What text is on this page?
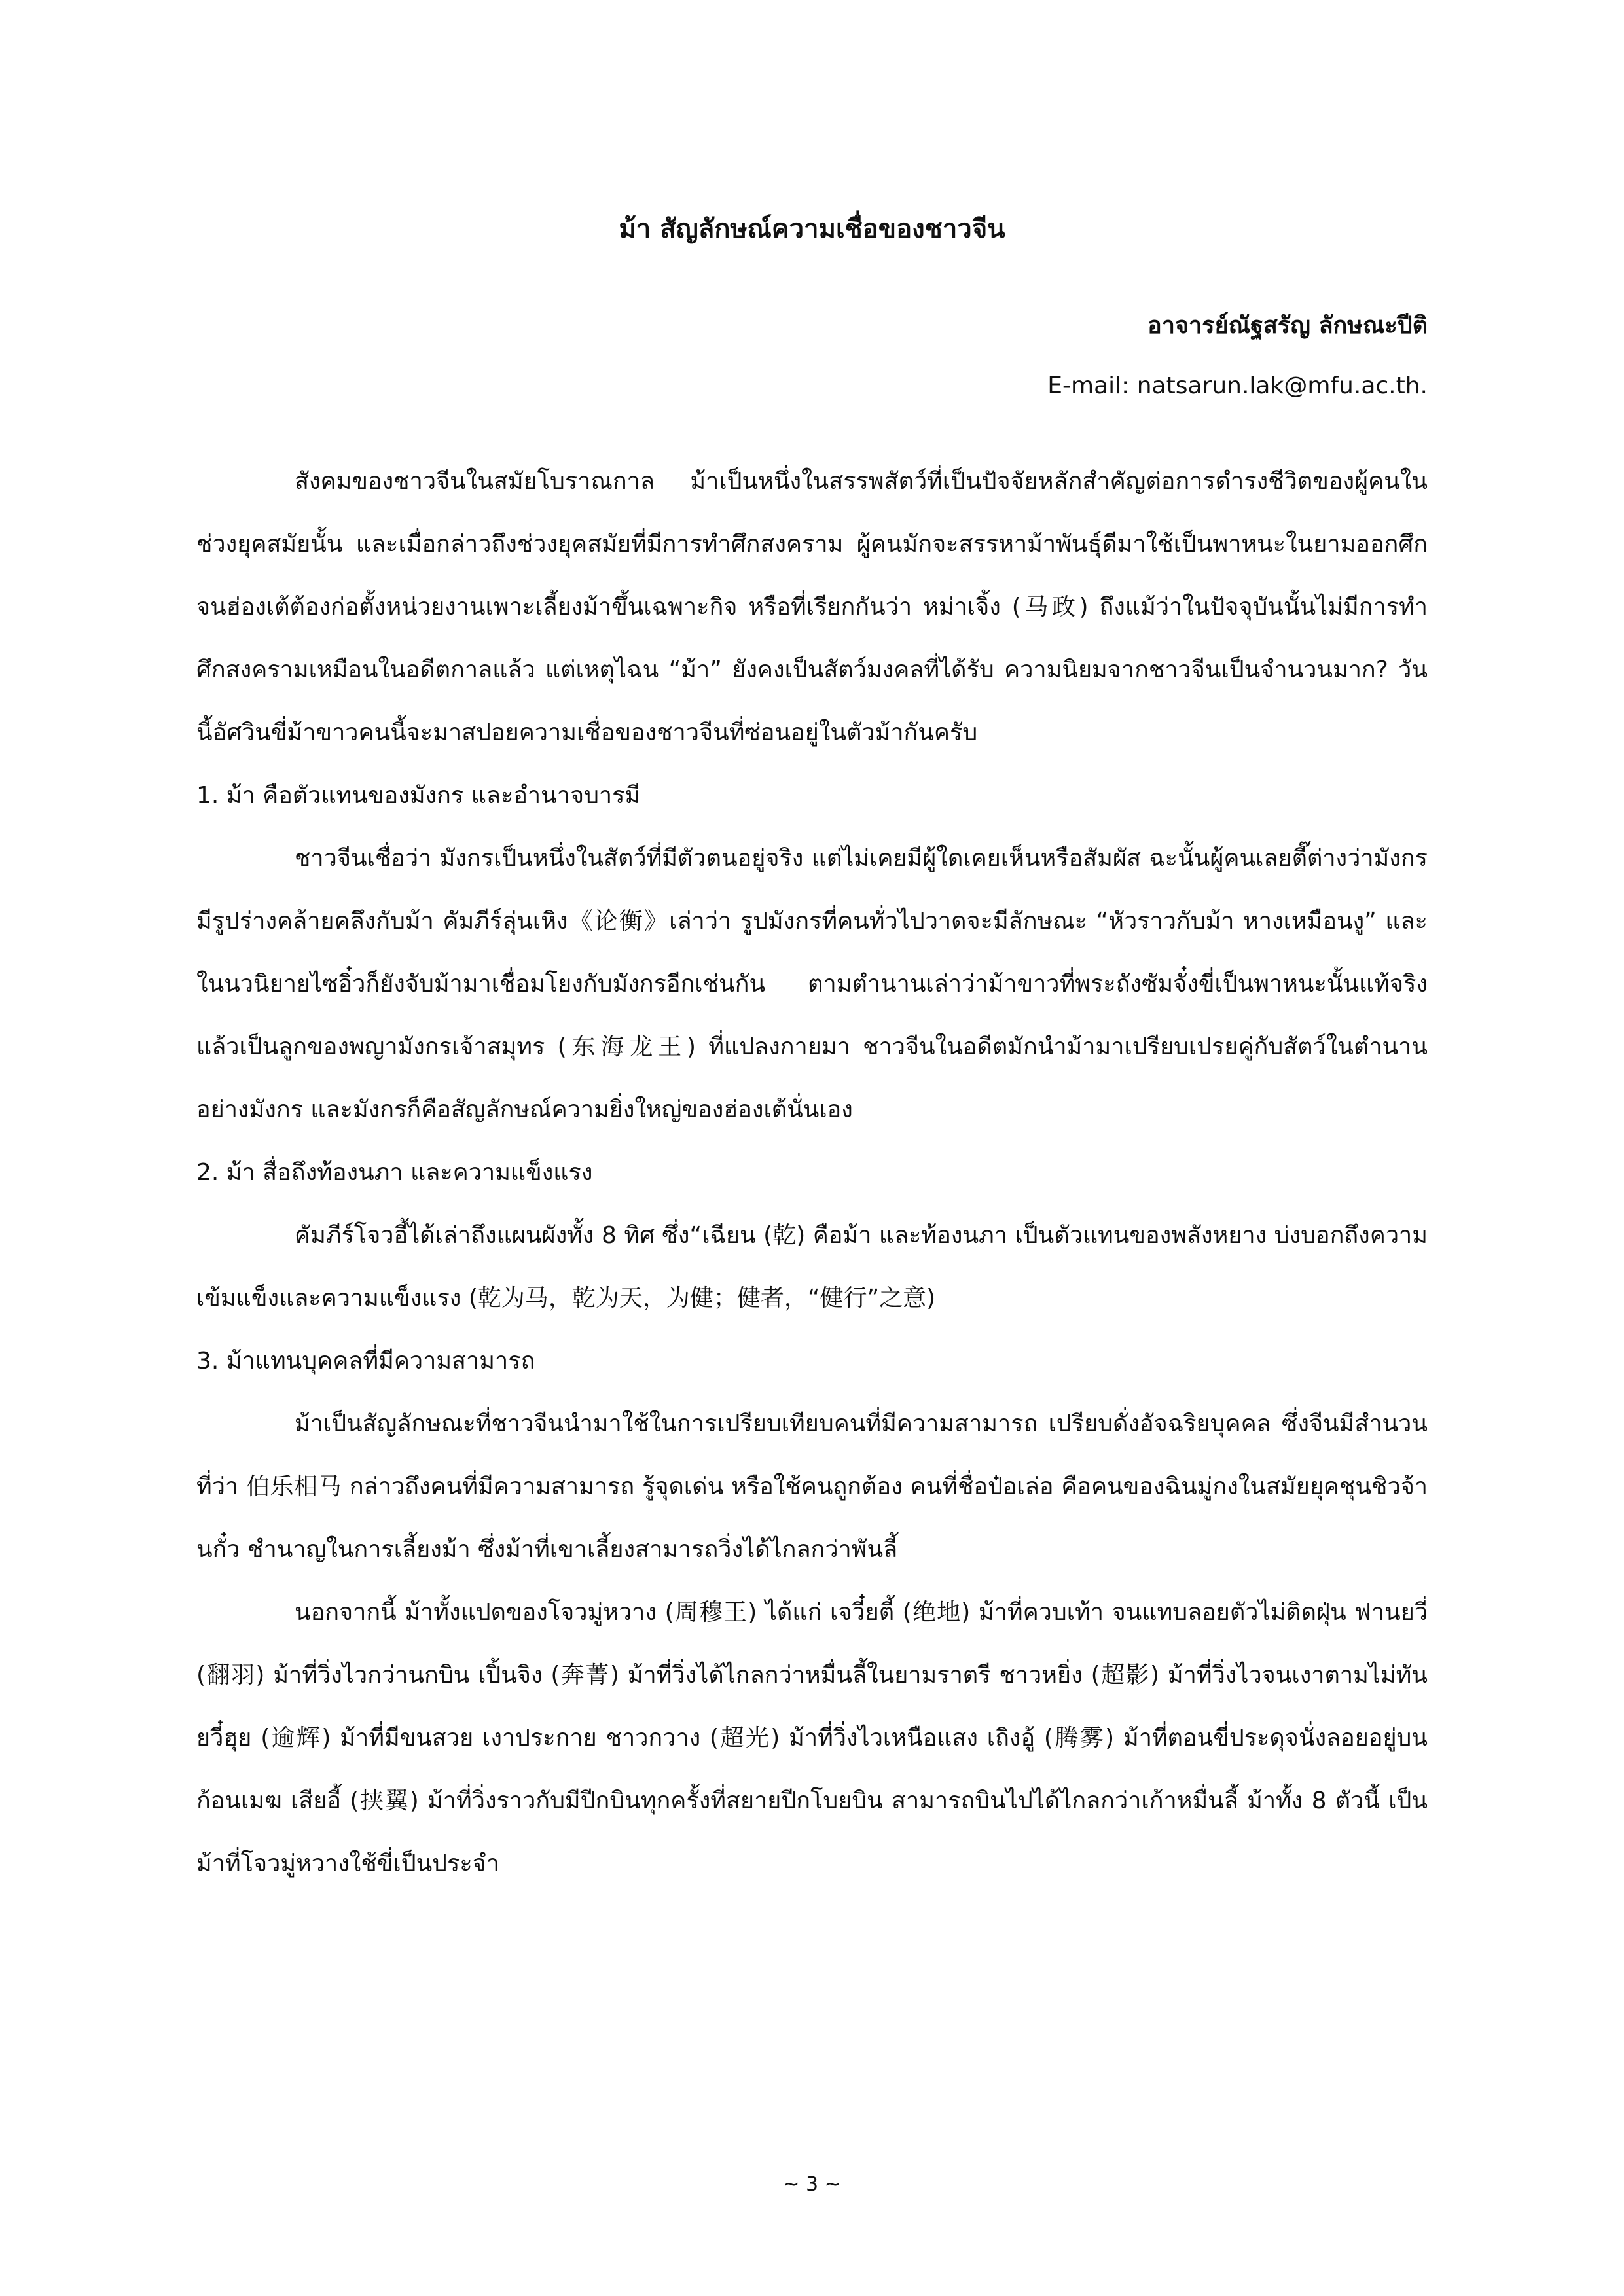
ม้า สัญลักษณ์ความเชื่อของชาวจีน
อาจารย์ณัฐสรัญ ลักษณะปีติ
E-mail: natsarun.lak@mfu.ac.th.

สังคมของชาวจีนในสมัยโบราณกาล ม้าเป็นหนึ่งในสรรพสัตว์ที่เป็นปัจจัยหลักสำคัญต่อการดำรงชีวิตของผู้คนในช่วงยุคสมัยนั้น และเมื่อกล่าวถึงช่วงยุคสมัยที่มีการทำศึกสงคราม ผู้คนมักจะสรรหาม้าพันธุ์ดีมาใช้เป็นพาหนะในยามออกศึก จนฮ่องเต้ต้องก่อตั้งหน่วยงานเพาะเลี้ยงม้าขึ้นเฉพาะกิจ หรือที่เรียกกันว่า หม่าเจิ้ง (马政) ถึงแม้ว่าในปัจจุบันนั้นไม่มีการทำศึกสงครามเหมือนในอดีตกาลแล้ว แต่เหตุไฉน “ม้า” ยังคงเป็นสัตว์มงคลที่ได้รับ ความนิยมจากชาวจีนเป็นจำนวนมาก? วันนี้อัศวินขี่ม้าขาวคนนี้จะมาสปอยความเชื่อของชาวจีนที่ซ่อนอยู่ในตัวม้ากันครับ

1. ม้า คือตัวแทนของมังกร และอำนาจบารมี

ชาวจีนเชื่อว่า มังกรเป็นหนึ่งในสัตว์ที่มีตัวตนอยู่จริง แต่ไม่เคยมีผู้ใดเคยเห็นหรือสัมผัส ฉะนั้นผู้คนเลยตี๊ต่างว่ามังกรมีรูปร่างคล้ายคลึงกับม้า คัมภีร์ลุ่นเหิง《论衡》เล่าว่า รูปมังกรที่คนทั่วไปวาดจะมีลักษณะ “หัวราวกับม้า หางเหมือนงู” และในนวนิยายไซอิ๋วก็ยังจับม้ามาเชื่อมโยงกับมังกรอีกเช่นกัน ตามตำนานเล่าว่าม้าขาวที่พระถังซัมจั๋งขี่เป็นพาหนะนั้นแท้จริงแล้วเป็นลูกของพญามังกรเจ้าสมุทร (东海龙王) ที่แปลงกายมา ชาวจีนในอดีตมักนำม้ามาเปรียบเปรยคู่กับสัตว์ในตำนานอย่างมังกร และมังกรก็คือสัญลักษณ์ความยิ่งใหญ่ของฮ่องเต้นั่นเอง

2. ม้า สื่อถึงท้องนภา และความแข็งแรง

คัมภีร์โจวอี้ได้เล่าถึงแผนผังทั้ง 8 ทิศ ซึ่ง“เฉียน (乾) คือม้า และท้องนภา เป็นตัวแทนของพลังหยาง บ่งบอกถึงความเข้มแข็งและความแข็งแรง (乾为马，乾为天，为健；健者，“健行”之意)

3. ม้าแทนบุคคลที่มีความสามารถ

ม้าเป็นสัญลักษณะที่ชาวจีนนำมาใช้ในการเปรียบเทียบคนที่มีความสามารถ เปรียบดั่งอัจฉริยบุคคล ซึ่งจีนมีสำนวนที่ว่า 伯乐相马 กล่าวถึงคนที่มีความสามารถ รู้จุดเด่น หรือใช้คนถูกต้อง คนที่ชื่อป๋อเล่อ คือคนของฉินมู่กงในสมัยยุคชุนชิวจ้านกั๋ว ชำนาญในการเลี้ยงม้า ซึ่งม้าที่เขาเลี้ยงสามารถวิ่งได้ไกลกว่าพันลี้

นอกจากนี้ ม้าทั้งแปดของโจวมู่หวาง (周穆王) ได้แก่ เจวี๋ยตี้ (绝地) ม้าที่ควบเท้า จนแทบลอยตัวไม่ติดฝุ่น ฟานยวี่ (翻羽) ม้าที่วิ่งไวกว่านกบิน เปิ้นจิง (奔菁) ม้าที่วิ่งได้ไกลกว่าหมื่นลี้ในยามราตรี ชาวหยิ่ง (超影) ม้าที่วิ่งไวจนเงาตามไม่ทัน ยวี๋ฮุย (逾辉) ม้าที่มีขนสวย เงาประกาย ชาวกวาง (超光) ม้าที่วิ่งไวเหนือแสง เถิงอู้ (腾雾) ม้าที่ตอนขี่ประดุจนั่งลอยอยู่บนก้อนเมฆ เสียอี้ (挟翼) ม้าที่วิ่งราวกับมีปีกบินทุกครั้งที่สยายปีกโบยบิน สามารถบินไปได้ไกลกว่าเก้าหมื่นลี้ ม้าทั้ง 8 ตัวนี้ เป็นม้าที่โจวมู่หวางใช้ขี่เป็นประจำ

~ 3 ~
